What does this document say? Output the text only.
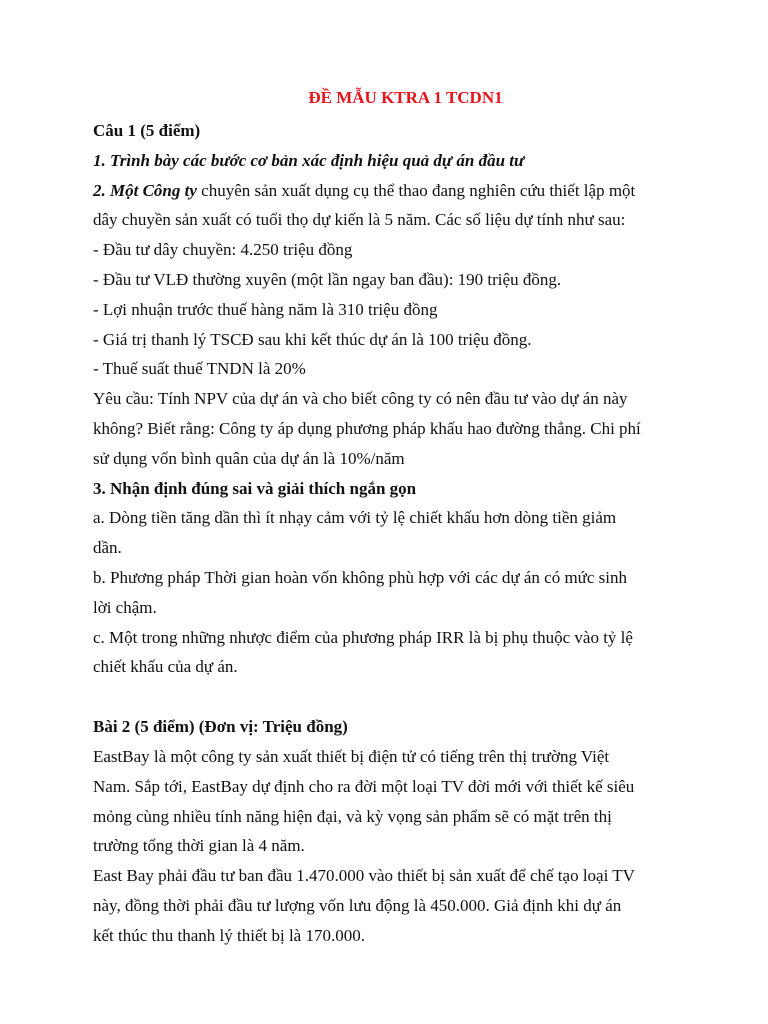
ĐỀ MẪU KTRA 1 TCDN1

Câu 1 (5 điểm)

1. Trình bày các bước cơ bản xác định hiệu quả dự án đầu tư

2. Một Công ty chuyên sản xuất dụng cụ thể thao đang nghiên cứu thiết lập một

dây chuyền sản xuất có tuổi thọ dự kiến là 5 năm. Các số liệu dự tính như sau:

- Đầu tư dây chuyền: 4.250 triệu đồng

- Đầu tư VLĐ thường xuyên (một lần ngay ban đầu): 190 triệu đồng.

- Lợi nhuận trước thuế hàng năm là 310 triệu đồng

- Giá trị thanh lý TSCĐ sau khi kết thúc dự án là 100 triệu đồng.

- Thuế suất thuế TNDN là 20%

Yêu cầu: Tính NPV của dự án và cho biết công ty có nên đầu tư vào dự án này

không? Biết rằng: Công ty áp dụng phương pháp khấu hao đường thẳng. Chi phí

sử dụng vốn bình quân của dự án là 10%/năm

3. Nhận định đúng sai và giải thích ngắn gọn

a. Dòng tiền tăng dần thì ít nhạy cảm với tỷ lệ chiết khấu hơn dòng tiền giảm

dần.

b. Phương pháp Thời gian hoàn vốn không phù hợp với các dự án có mức sinh

lời chậm.

c. Một trong những nhược điểm của phương pháp IRR là bị phụ thuộc vào tỷ lệ

chiết khấu của dự án.

Bài 2 (5 điểm) (Đơn vị: Triệu đồng)

EastBay là một công ty sản xuất thiết bị điện tử có tiếng trên thị trường Việt

Nam. Sắp tới, EastBay dự định cho ra đời một loại TV đời mới với thiết kế siêu

mỏng cùng nhiều tính năng hiện đại, và kỳ vọng sản phẩm sẽ có mặt trên thị

trường tổng thời gian là 4 năm.

East Bay phải đầu tư ban đầu 1.470.000 vào thiết bị sản xuất để chế tạo loại TV

này, đồng thời phải đầu tư lượng vốn lưu động là 450.000. Giả định khi dự án

kết thúc thu thanh lý thiết bị là 170.000.
